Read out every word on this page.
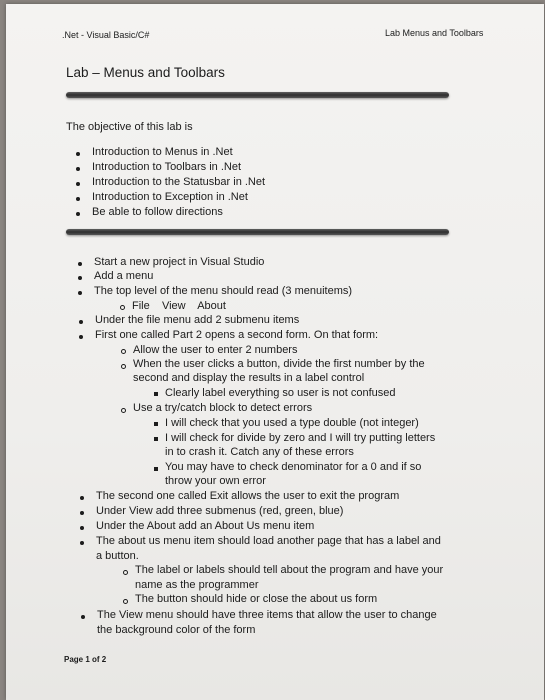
.Net - Visual Basic/C#	Lab Menus and Toolbars
Lab – Menus and Toolbars
The objective of this lab is
Introduction to Menus in .Net
Introduction to Toolbars in .Net
Introduction to the Statusbar in .Net
Introduction to Exception in .Net
Be able to follow directions
Start a new project in Visual Studio
Add a menu
The top level of the menu should read (3 menuitems)
File    View    About
Under the file menu add 2 submenu items
First one called Part 2 opens a second form. On that form:
Allow the user to enter 2 numbers
When the user clicks a button, divide the first number by the
second and display the results in a label control
Clearly label everything so user is not confused
Use a try/catch block to detect errors
I will check that you used a type double (not integer)
I will check for divide by zero and I will try putting letters
in to crash it. Catch any of these errors
You may have to check denominator for a 0 and if so
throw your own error
The second one called Exit allows the user to exit the program
Under View add three submenus (red, green, blue)
Under the About add an About Us menu item
The about us menu item should load another page that has a label and
a button.
The label or labels should tell about the program and have your
name as the programmer
The button should hide or close the about us form
The View menu should have three items that allow the user to change
the background color of the form
Page 1 of 2
